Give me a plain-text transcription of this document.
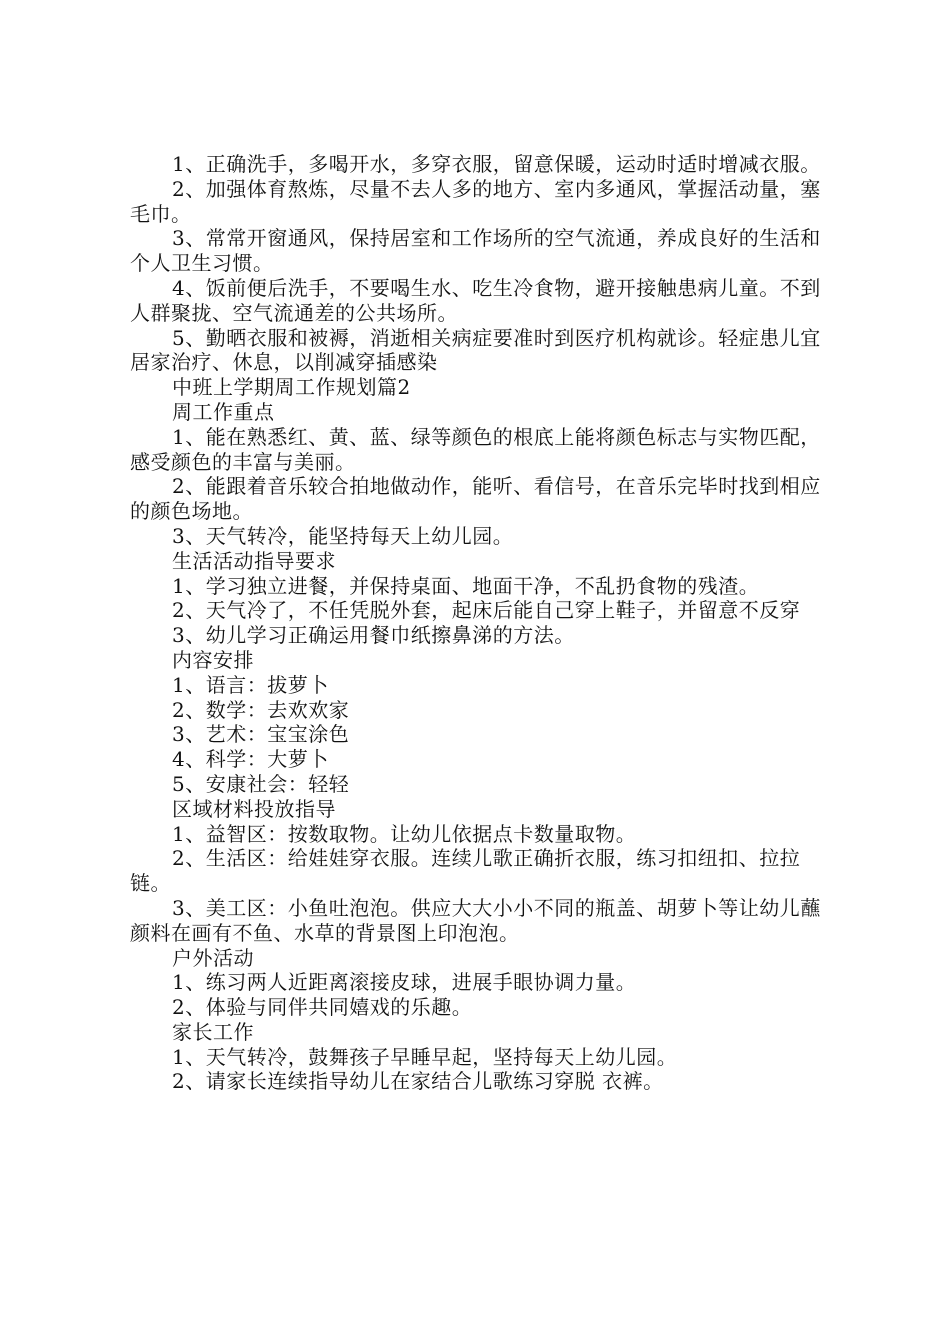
1、正确洗手，多喝开水，多穿衣服，留意保暖，运动时适时增减衣服。

2、加强体育熬炼，尽量不去人多的地方、室内多通风，掌握活动量，塞毛巾。

3、常常开窗通风，保持居室和工作场所的空气流通，养成良好的生活和个人卫生习惯。

4、饭前便后洗手，不要喝生水、吃生冷食物，避开接触患病儿童。不到人群聚拢、空气流通差的公共场所。

5、勤晒衣服和被褥，消逝相关病症要准时到医疗机构就诊。轻症患儿宜居家治疗、休息，以削减穿插感染

中班上学期周工作规划篇2

周工作重点

1、能在熟悉红、黄、蓝、绿等颜色的根底上能将颜色标志与实物匹配，感受颜色的丰富与美丽。

2、能跟着音乐较合拍地做动作，能听、看信号，在音乐完毕时找到相应的颜色场地。

3、天气转冷，能坚持每天上幼儿园。

生活活动指导要求

1、学习独立进餐，并保持桌面、地面干净，不乱扔食物的残渣。

2、天气冷了，不任凭脱外套，起床后能自己穿上鞋子，并留意不反穿

3、幼儿学习正确运用餐巾纸擦鼻涕的方法。

内容安排

1、语言：拔萝卜

2、数学：去欢欢家

3、艺术：宝宝涂色

4、科学：大萝卜

5、安康社会：轻轻

区域材料投放指导

1、益智区：按数取物。让幼儿依据点卡数量取物。

2、生活区：给娃娃穿衣服。连续儿歌正确折衣服，练习扣纽扣、拉拉链。

3、美工区：小鱼吐泡泡。供应大大小小不同的瓶盖、胡萝卜等让幼儿蘸颜料在画有不鱼、水草的背景图上印泡泡。

户外活动

1、练习两人近距离滚接皮球，进展手眼协调力量。

2、体验与同伴共同嬉戏的乐趣。

家长工作

1、天气转冷，鼓舞孩子早睡早起，坚持每天上幼儿园。

2、请家长连续指导幼儿在家结合儿歌练习穿脱 衣裤。
